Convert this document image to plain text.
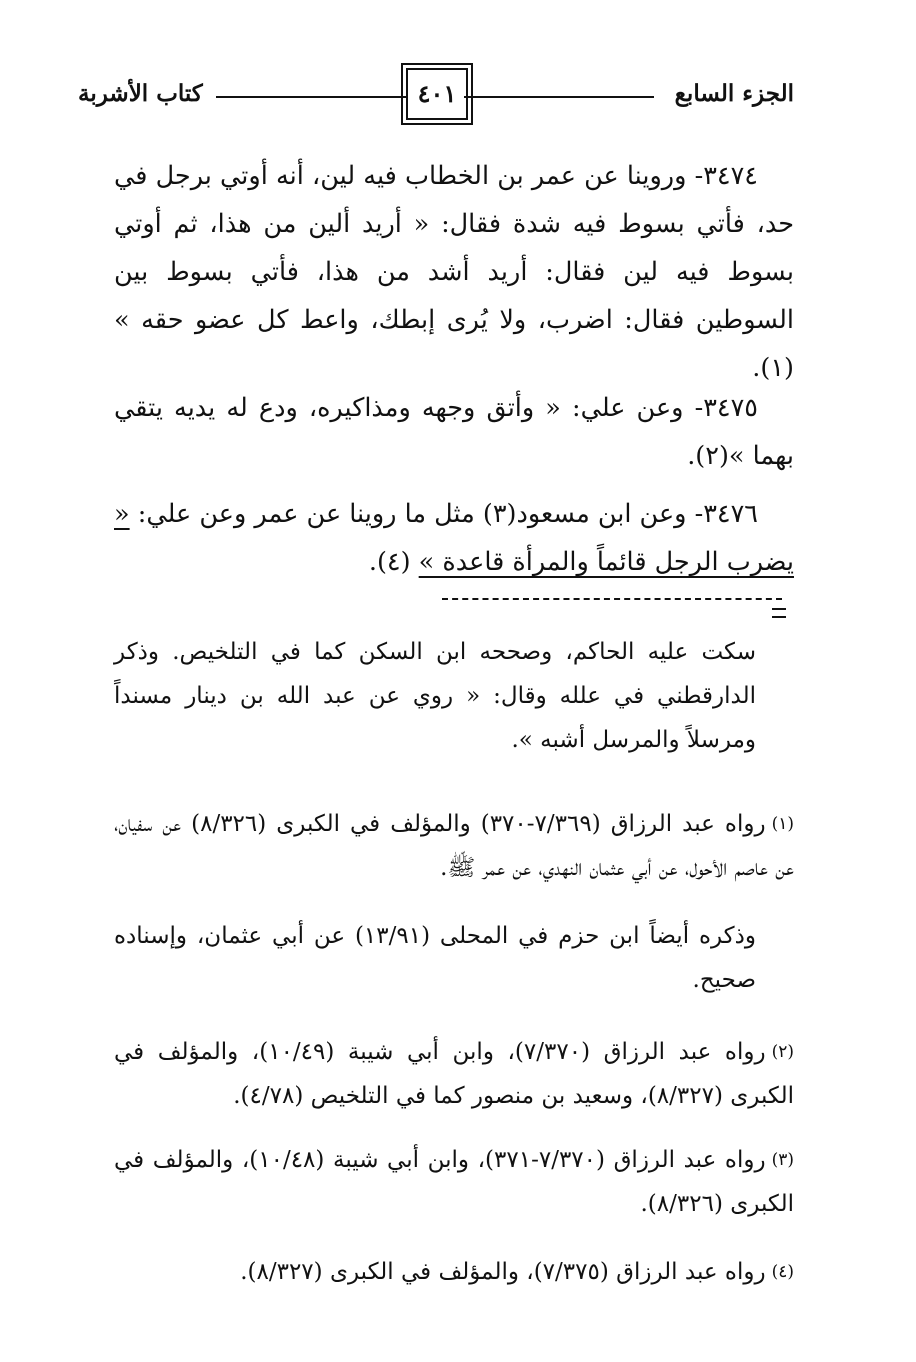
الجزء السابع
٤٠١
كتاب الأشربة
٣٤٧٤- وروينا عن عمر بن الخطاب فيه لين، أنه أوتي برجل في حد، فأتي بسوط فيه شدة فقال: « أريد ألين من هذا، ثم أوتي بسوط فيه لين فقال: أريد أشد من هذا، فأتي بسوط بين السوطين فقال: اضرب، ولا يُرى إبطك، واعط كل عضو حقه » (١).
٣٤٧٥- وعن علي: « وأتق وجهه ومذاكيره، ودع له يديه يتقي بهما »(٢).
٣٤٧٦- وعن ابن مسعود(٣) مثل ما روينا عن عمر وعن علي: « يضرب الرجل قائماً والمرأة قاعدة » (٤).
سكت عليه الحاكم، وصححه ابن السكن كما في التلخيص. وذكر الدارقطني في علله وقال: « روي عن عبد الله بن دينار مسنداً ومرسلاً والمرسل أشبه ».
$^{(١)}$رواه عبد الرزاق (٧/٣٦٩-٣٧٠) والمؤلف في الكبرى (٨/٣٢٦) عن سفيان، عن عاصم الأحول، عن أبي عثمان النهدي، عن عمر ﷺ.
وذكره أيضاً ابن حزم في المحلى (١٣/٩١) عن أبي عثمان، وإسناده صحيح.
$^{(٢)}$رواه عبد الرزاق (٧/٣٧٠)، وابن أبي شيبة (١٠/٤٩)، والمؤلف في الكبرى (٨/٣٢٧)، وسعيد بن منصور كما في التلخيص (٤/٧٨).
$^{(٣)}$رواه عبد الرزاق (٧/٣٧٠-٣٧١)، وابن أبي شيبة (١٠/٤٨)، والمؤلف في الكبرى (٨/٣٢٦).
$^{(٤)}$رواه عبد الرزاق (٧/٣٧٥)، والمؤلف في الكبرى (٨/٣٢٧).
